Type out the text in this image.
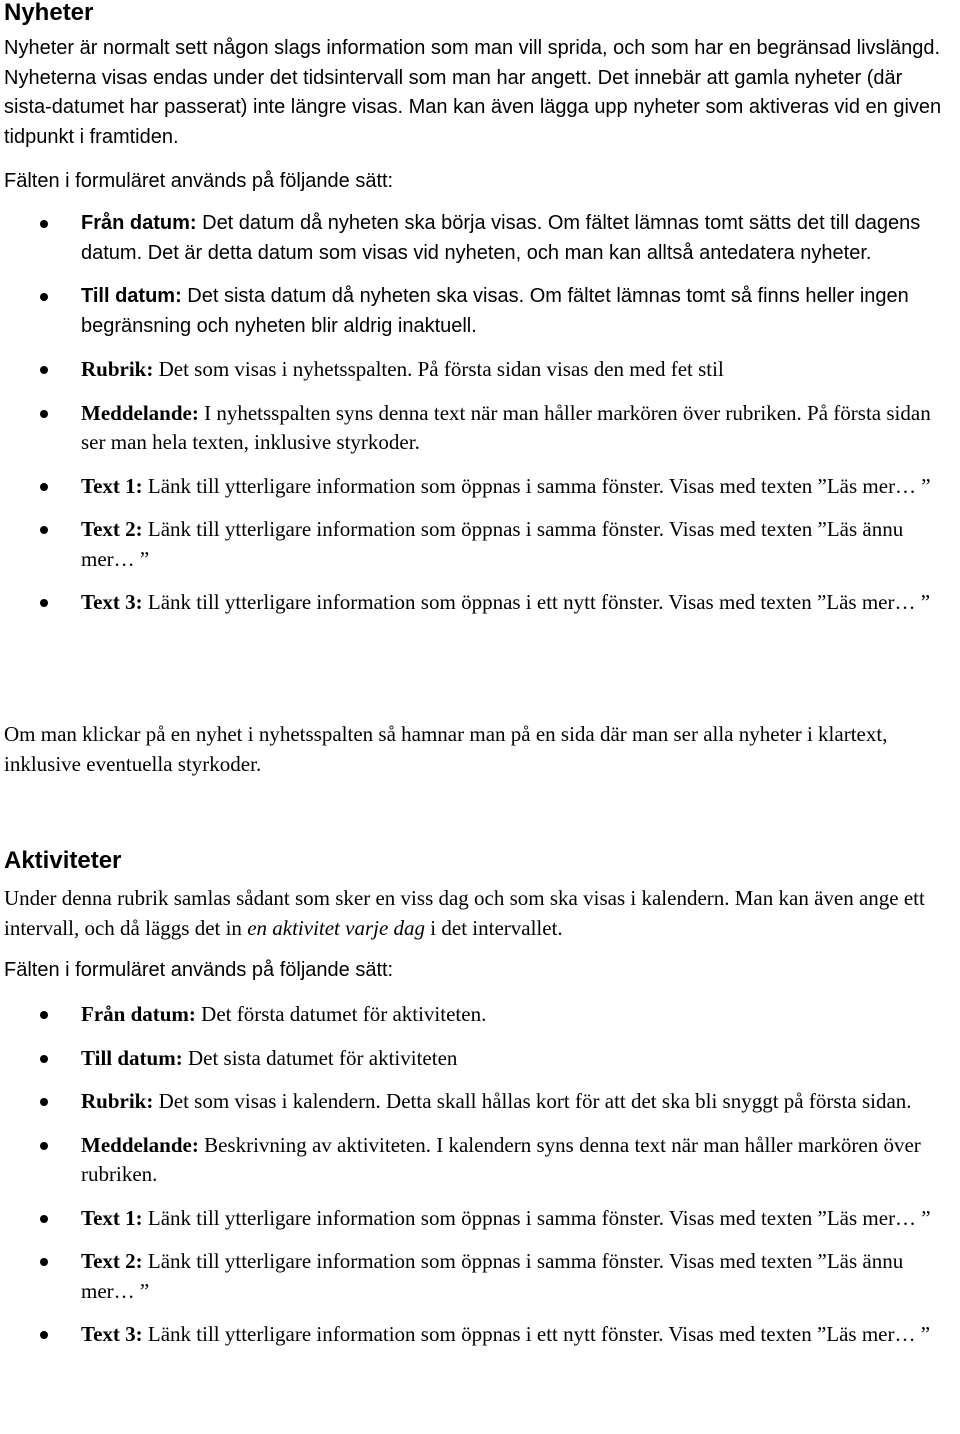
Nyheter

Nyheter är normalt sett någon slags information som man vill sprida, och som har en begränsad livslängd. Nyheterna visas endas under det tidsintervall som man har angett. Det innebär att gamla nyheter (där sista-datumet har passerat) inte längre visas. Man kan även lägga upp nyheter som aktiveras vid en given tidpunkt i framtiden.

Fälten i formuläret används på följande sätt:

Från datum: Det datum då nyheten ska börja visas. Om fältet lämnas tomt sätts det till dagens datum. Det är detta datum som visas vid nyheten, och man kan alltså antedatera nyheter.
Till datum: Det sista datum då nyheten ska visas. Om fältet lämnas tomt så finns heller ingen begränsning och nyheten blir aldrig inaktuell.
Rubrik: Det som visas i nyhetsspalten. På första sidan visas den med fet stil
Meddelande: I nyhetsspalten syns denna text när man håller markören över rubriken. På första sidan ser man hela texten, inklusive styrkoder.
Text 1: Länk till ytterligare information som öppnas i samma fönster. Visas med texten ”Läs mer… ”
Text 2: Länk till ytterligare information som öppnas i samma fönster. Visas med texten ”Läs ännu mer… ”
Text 3: Länk till ytterligare information som öppnas i ett nytt fönster. Visas med texten ”Läs mer… ”

Om man klickar på en nyhet i nyhetsspalten så hamnar man på en sida där man ser alla nyheter i klartext, inklusive eventuella styrkoder.

Aktiviteter

Under denna rubrik samlas sådant som sker en viss dag och som ska visas i kalendern. Man kan även ange ett intervall, och då läggs det in en aktivitet varje dag i det intervallet.

Fälten i formuläret används på följande sätt:

Från datum: Det första datumet för aktiviteten.
Till datum: Det sista datumet för aktiviteten
Rubrik: Det som visas i kalendern. Detta skall hållas kort för att det ska bli snyggt på första sidan.
Meddelande: Beskrivning av aktiviteten. I kalendern syns denna text när man håller markören över rubriken.
Text 1: Länk till ytterligare information som öppnas i samma fönster. Visas med texten ”Läs mer… ”
Text 2: Länk till ytterligare information som öppnas i samma fönster. Visas med texten ”Läs ännu mer… ”
Text 3: Länk till ytterligare information som öppnas i ett nytt fönster. Visas med texten ”Läs mer… ”
